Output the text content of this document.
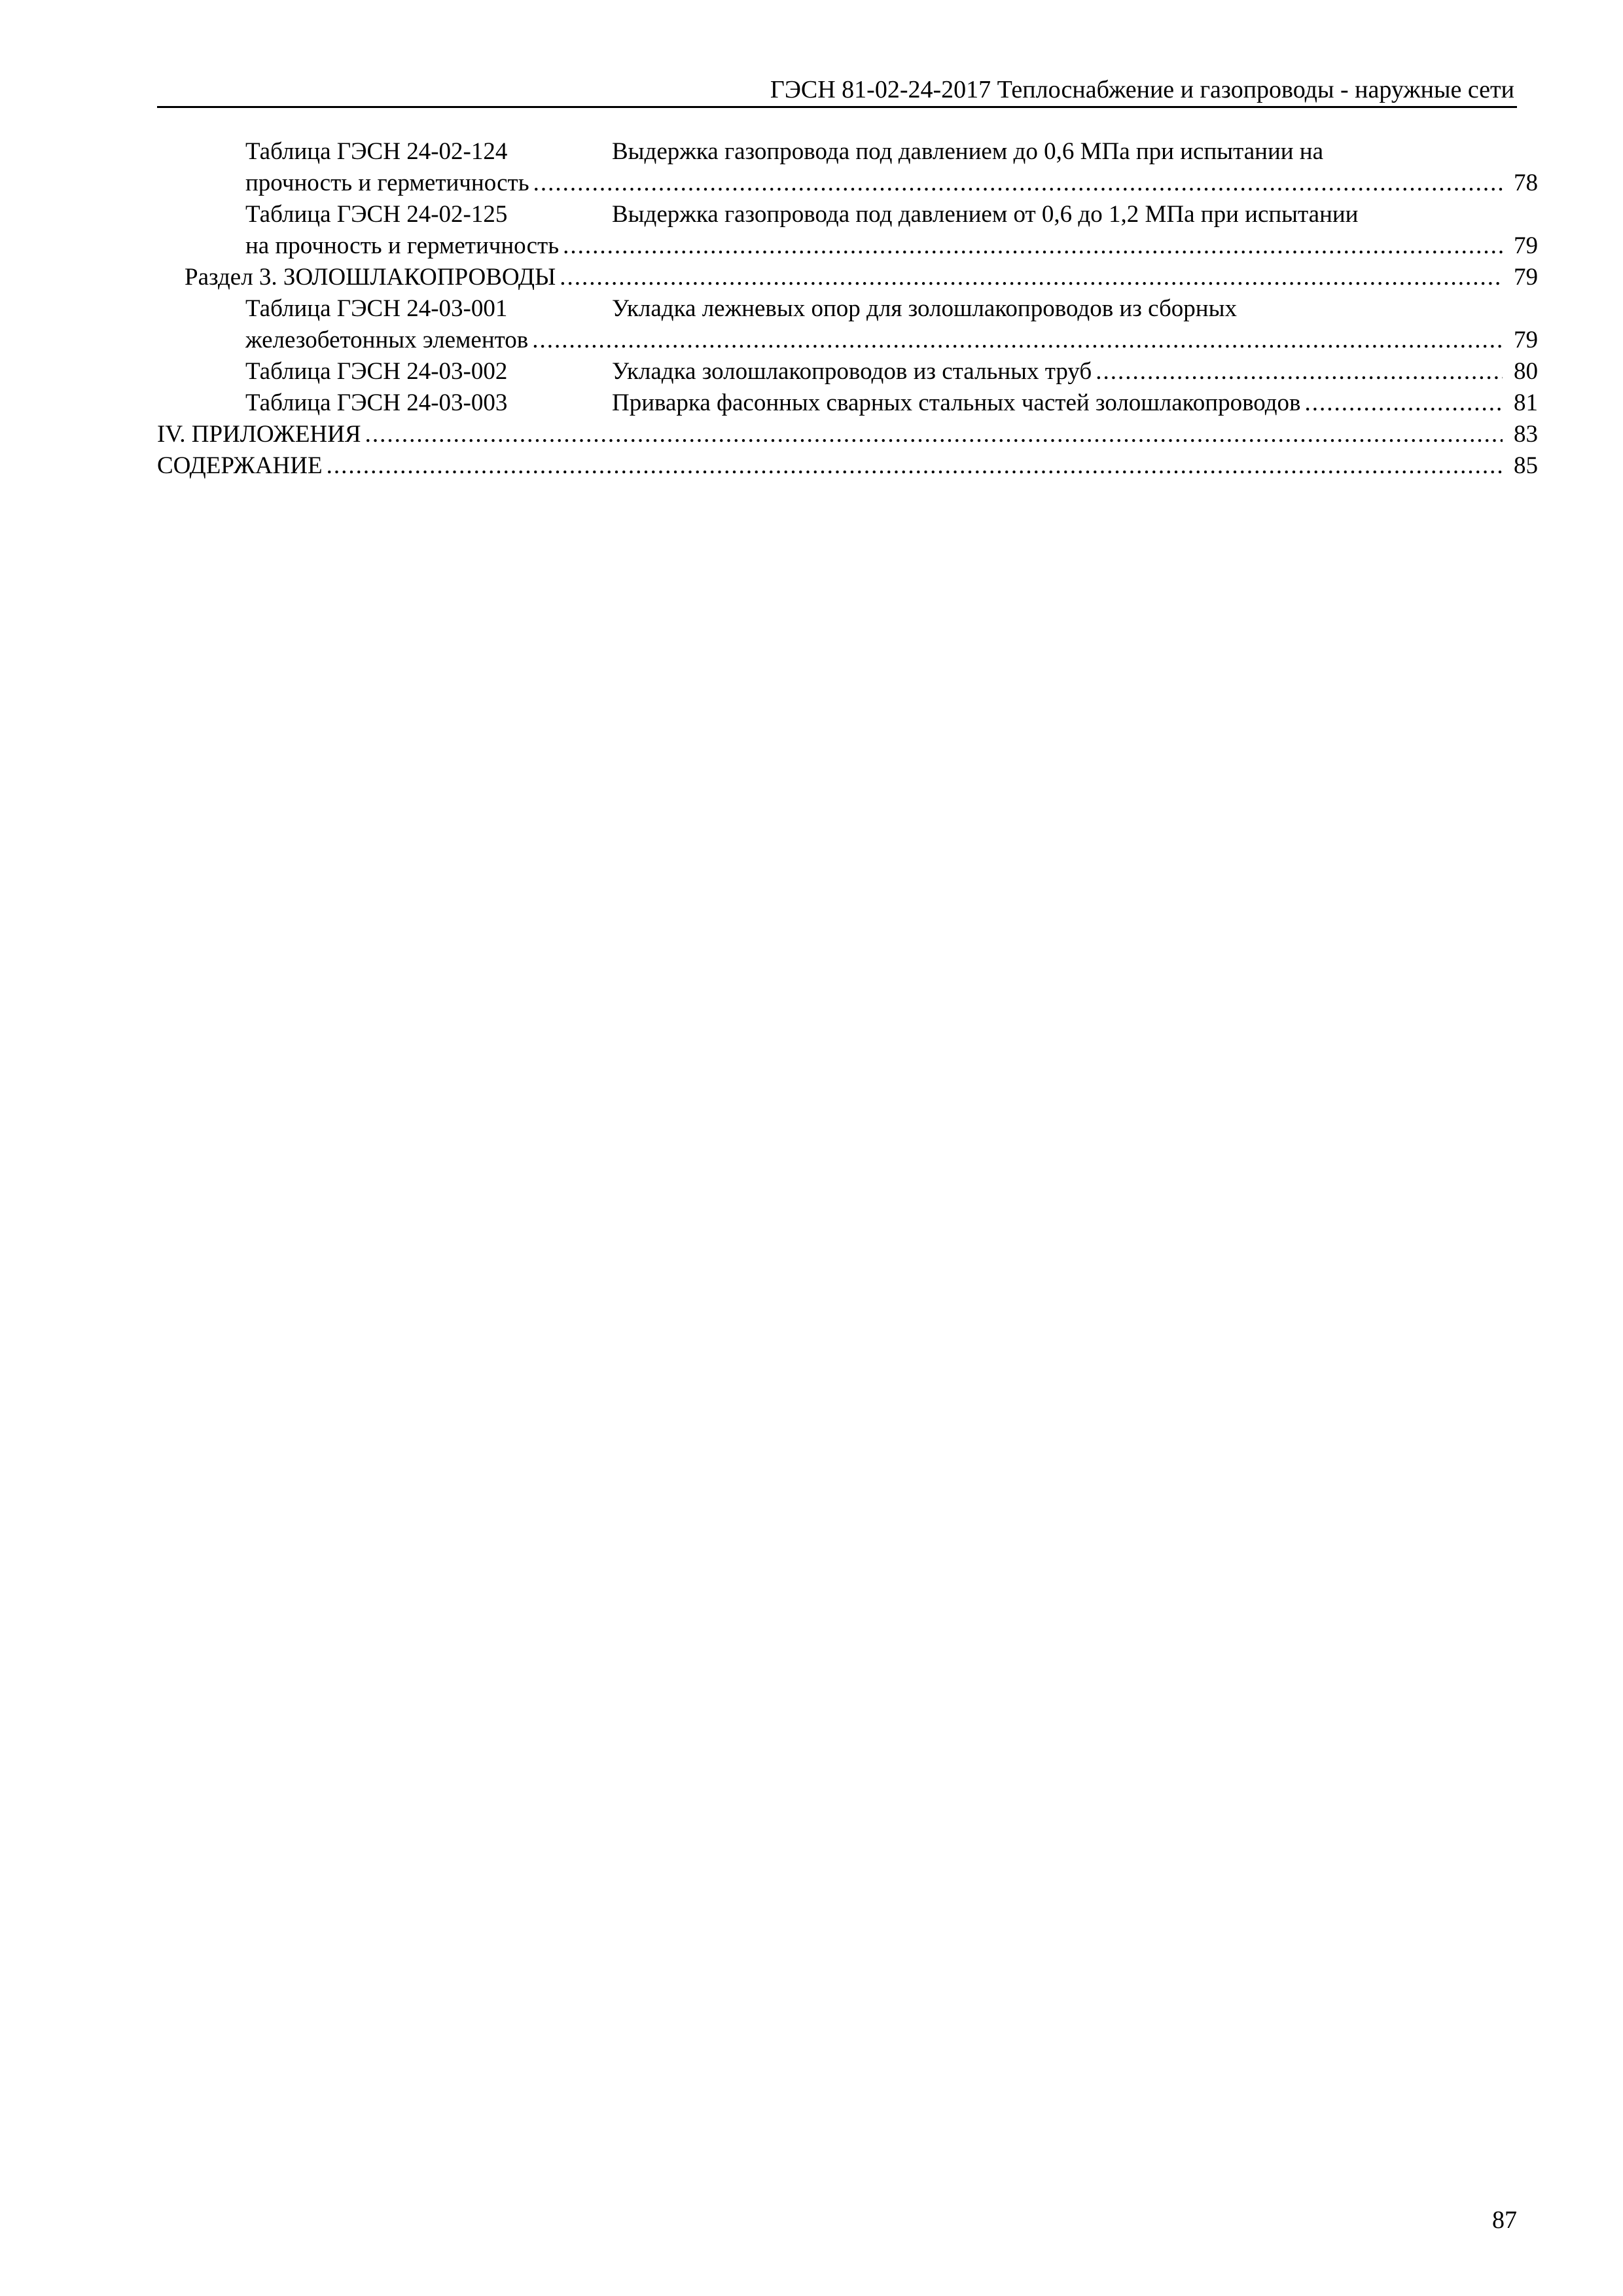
ГЭСН 81-02-24-2017 Теплоснабжение и газопроводы - наружные сети
Таблица ГЭСН 24-02-124	Выдержка газопровода под давлением до 0,6 МПа при испытании на
прочность и герметичность .....	78
Таблица ГЭСН 24-02-125	Выдержка газопровода под давлением от 0,6 до 1,2 МПа при испытании
на прочность и герметичность .....	79
Раздел 3. ЗОЛОШЛАКОПРОВОДЫ .....	79
Таблица ГЭСН 24-03-001	Укладка лежневых опор для золошлакопроводов из сборных
железобетонных элементов .....	79
Таблица ГЭСН 24-03-002	Укладка золошлакопроводов из стальных труб .....	80
Таблица ГЭСН 24-03-003	Приварка фасонных сварных стальных частей золошлакопроводов .....	81
IV. ПРИЛОЖЕНИЯ .....	83
СОДЕРЖАНИЕ .....	85
87
